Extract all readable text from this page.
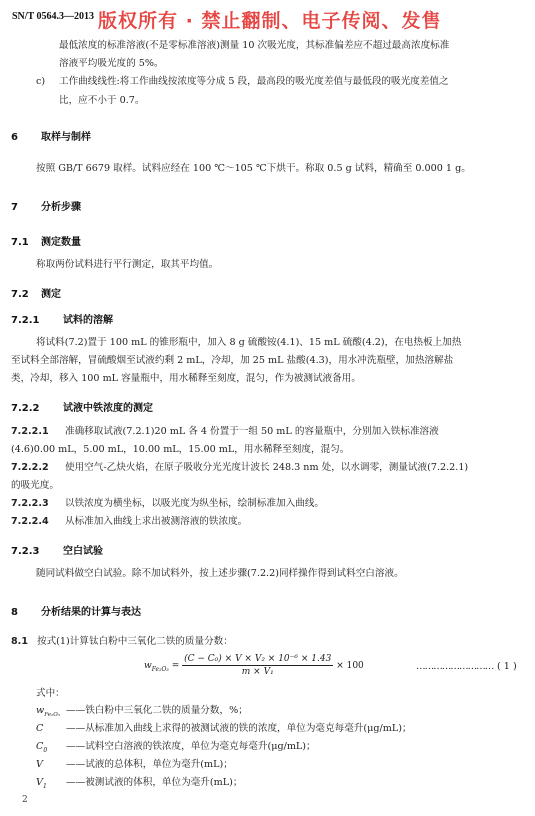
SN/T 0564.3—2013 版权所有 · 禁止翻制、电子传阅、发售
最低浓度的标准溶液(不是零标准溶液)测量 10 次吸光度，其标准偏差应不超过最高浓度标准
溶液平均吸光度的 5%。
c) 工作曲线线性:将工作曲线按浓度等分成 5 段，最高段的吸光度差值与最低段的吸光度差值之
比，应不小于 0.7。
6 取样与制样
按照 GB/T 6679 取样。试料应经在 100 ℃～105 ℃下烘干。称取 0.5 g 试料，精确至 0.000 1 g。
7 分析步骤
7.1 测定数量
称取两份试料进行平行测定，取其平均值。
7.2 测定
7.2.1 试料的溶解
将试料(7.2)置于 100 mL 的锥形瓶中，加入 8 g 硫酸铵(4.1)、15 mL 硫酸(4.2)，在电热板上加热
至试料全部溶解，冒硫酸烟至试液约剩 2 mL，冷却，加 25 mL 盐酸(4.3)，用水冲洗瓶壁，加热溶解盐
类，冷却，移入 100 mL 容量瓶中，用水稀释至刻度，混匀，作为被测试液备用。
7.2.2 试液中铁浓度的测定
7.2.2.1 准确移取试液(7.2.1)20 mL 各 4 份置于一组 50 mL 的容量瓶中，分别加入铁标准溶液
(4.6)0.00 mL，5.00 mL，10.00 mL，15.00 mL，用水稀释至刻度，混匀。
7.2.2.2 使用空气-乙炔火焰，在原子吸收分光光度计波长 248.3 nm 处，以水调零，测量试液(7.2.2.1)
的吸光度。
7.2.2.3 以铁浓度为横坐标，以吸光度为纵坐标，绘制标准加入曲线。
7.2.2.4 从标准加入曲线上求出被测溶液的铁浓度。
7.2.3 空白试验
随同试料做空白试验。除不加试料外，按上述步骤(7.2.2)同样操作得到试料空白溶液。
8 分析结果的计算与表达
8.1 按式(1)计算钛白粉中三氧化二铁的质量分数：
$w_{Fe_2O_3} = \frac{\text{(C − C₀) × V × V₂ × 10⁻⁶ × 1.43}}{\text{m × V₁}} \times 100$	……………………… ( 1 )
式中：
$w_{Fe_2O_3}$ ——铁白粉中三氧化二铁的质量分数，%；
C ——从标准加入曲线上求得的被测试液的铁的浓度，单位为毫克每毫升(μg/mL)；
$C_0$ ——试料空白溶液的铁浓度，单位为毫克每毫升(μg/mL)；
V ——试液的总体积，单位为毫升(mL)；
$V_1$ ——被测试液的体积，单位为毫升(mL)；
2
